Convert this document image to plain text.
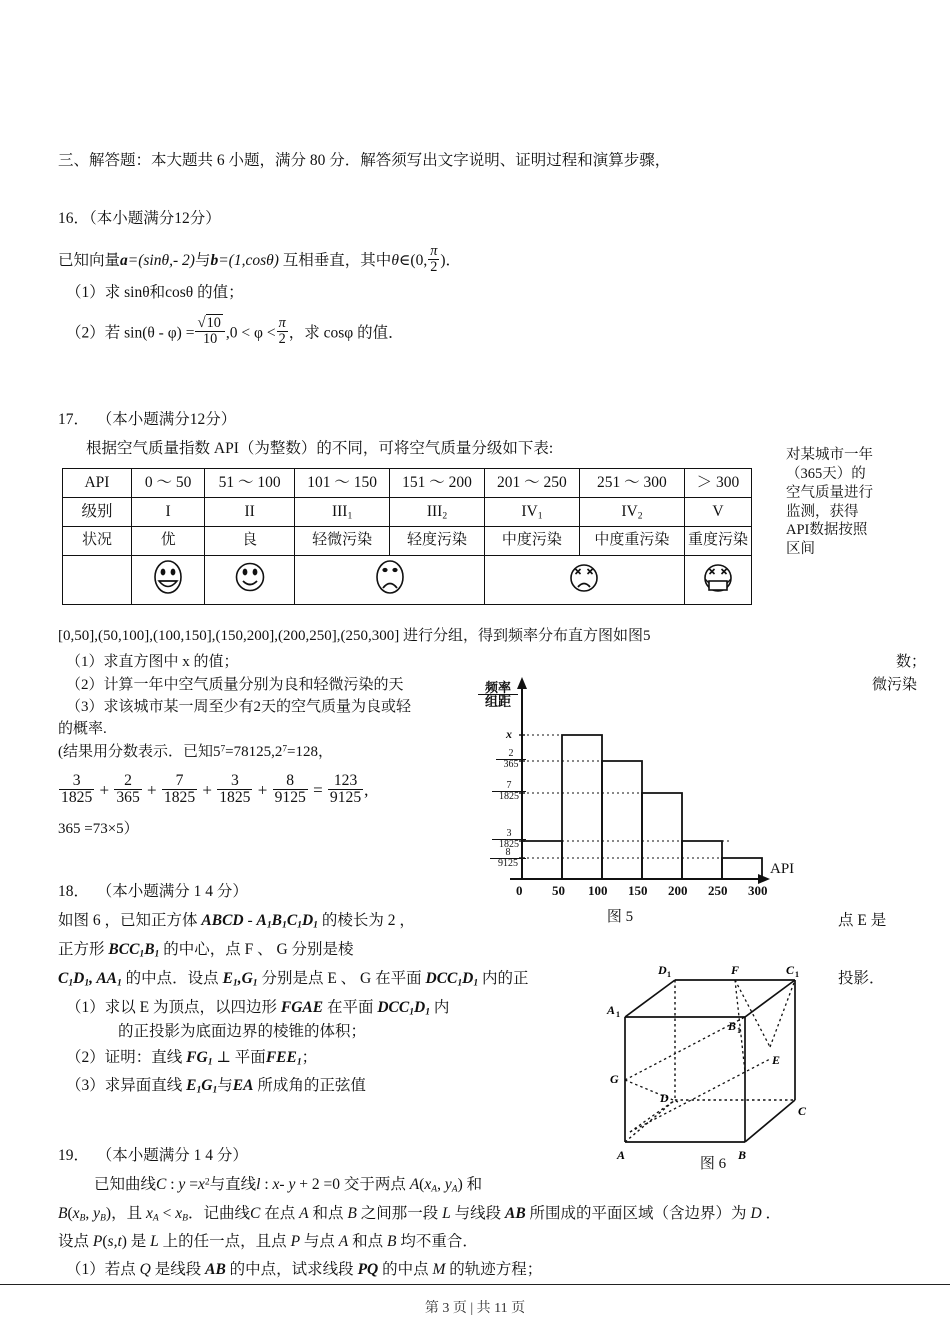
三、解答题：本大题共 6 小题，满分 80 分．解答须写出文字说明、证明过程和演算步骤，
16．（本小题满分12分）
已知向量a=(sinθ,- 2)与b=(1,cosθ) 互相垂直，其中θ∈(0, $\frac{\pi}{2}$ )．
（1）求 sinθ和cosθ 的值；
（2）若 $\sin(\theta - \varphi) = \frac{√10}{10} ,0 < \varphi < \frac{\pi}{2}$ ，求 cosφ 的值．
17． （本小题满分12分）
根据空气质量指数 API（为整数）的不同，可将空气质量分级如下表:
API	0 ～ 50	51 ～ 100	101 ～ 150	151 ～ 200	201 ～ 250	251 ～ 300	＞ 300
级别	I	II	$III_1$	$III_2$	$IV_1$	$IV_2$	V
状况	优	良	轻微污染	轻度污染	中度污染	中度重污染	重度污染

对某城市一年
（365天）的
空气质量进行
监测，获得
API数据按照
区间
[0,50],(50,100],(100,150],(150,200],(200,250],(250,300] 进行分组，得到频率分布直方图如图5
（1）求直方图中 x 的值；
（2）计算一年中空气质量分别为良和轻微污染的天
数；
（3）求该城市某一周至少有2天的空气质量为良或轻
微污染
的概率.
(结果用分数表示．已知$5^7=78125,2^7=128$，
$\frac{3}{1825} + \frac{2}{365} + \frac{7}{1825} + \frac{3}{1825} + \frac{8}{9125} = \frac{123}{9125}$ ,
365 =73×5）
频率
组距
x
$\frac{2}{365}$
$\frac{7}{1825}$
$\frac{3}{1825}$
$\frac{8}{9125}$
0 50 100 150 200 250 300
API
图 5
18． （本小题满分 1 4 分）
如图 6 ，已知正方体 ABCD - $A_1B_1C_1D_1$ 的棱长为 2 ，	点 E 是
正方形 $BCC_1B_1$ 的中心，点 F 、 G 分别是棱
$C_1D_1$, $AA_1$ 的中点．设点 $E_1,G_1$ 分别是点 E 、 G 在平面 $DCC_1D_1$ 内的正	投影．
（1）求以 E 为顶点，以四边形 FGAE 在平面 $DCC_1D_1$ 内
的正投影为底面边界的棱锥的体积；
（2）证明：直线 $FG_1$ ⊥ 平面$FEE_1$；
（3）求异面直线 $E_1G_1$与EA 所成角的正弦值
D 1	F	C 1
A 1
B 1
E
G
D
C
A	B
图 6
19． （本小题满分 1 4 分）
已知曲线C : $y =x^2$与直线l : x- y + 2 =0 交于两点 $A(x_A$, $y_A$) 和
$B(x_B$, $y_B$)，且 $x_A < x_B$．记曲线C 在点 A 和点 B 之间那一段 L 与线段 AB 所围成的平面区域（含边界）为 D ．
设点 P(s,t) 是 L 上的任一点，且点 P 与点 A 和点 B 均不重合．
（1）若点 Q 是线段 AB 的中点，试求线段 PQ 的中点 M 的轨迹方程；
第 3 页 | 共 11 页
